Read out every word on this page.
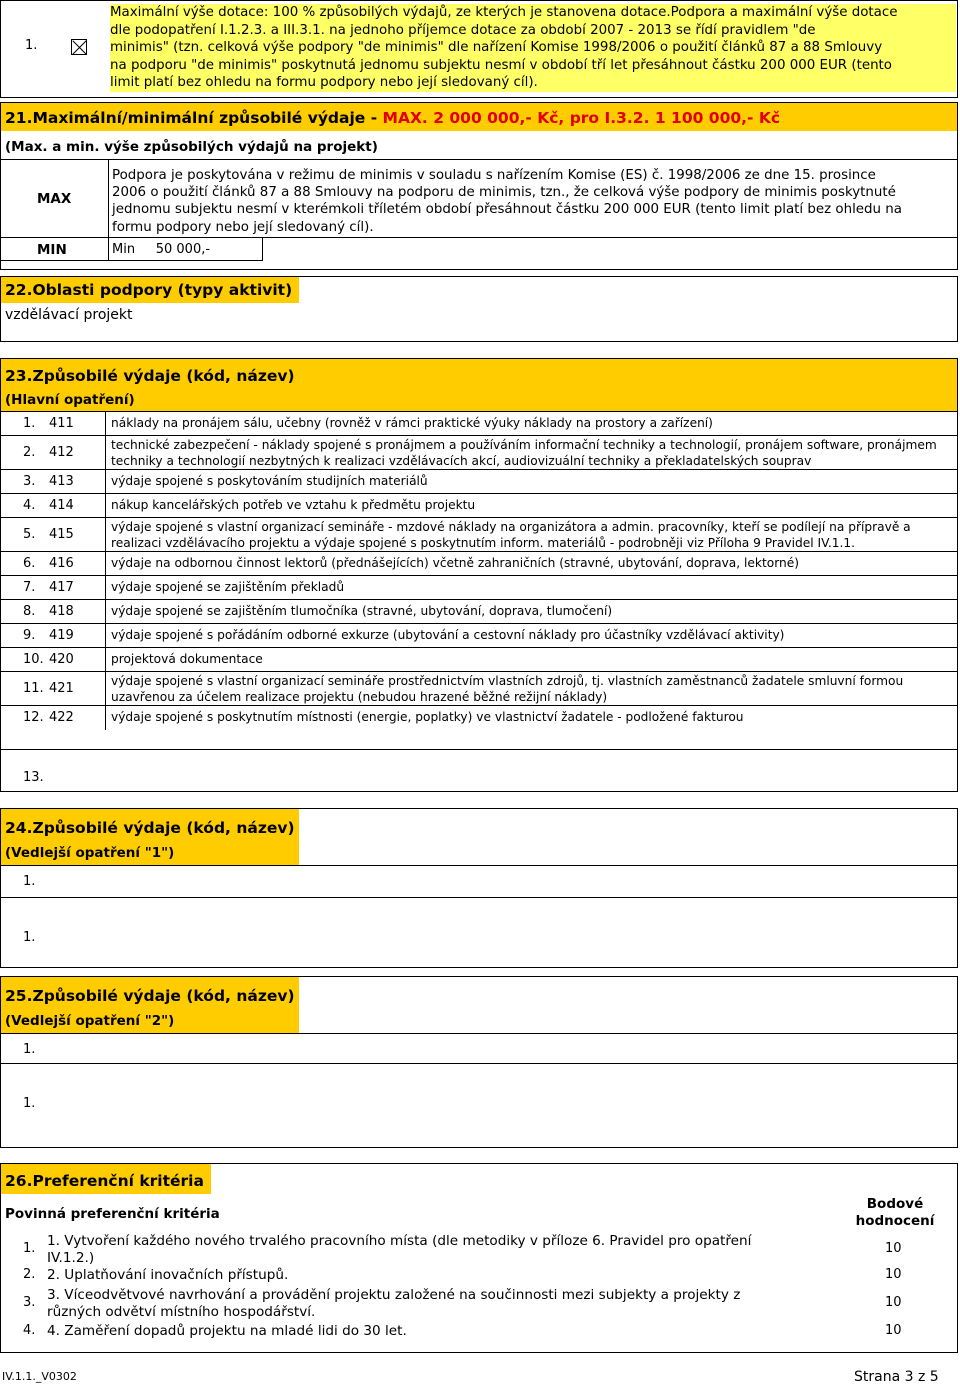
1.
Maximální výše dotace: 100 % způsobilých výdajů, ze kterých je stanovena dotace.Podpora a maximální výše dotace
dle podopatření I.1.2.3. a III.3.1. na jednoho příjemce dotace za období 2007 - 2013 se řídí pravidlem "de
minimis" (tzn. celková výše podpory "de minimis" dle nařízení Komise 1998/2006 o použití článků 87 a 88 Smlouvy
na podporu "de minimis" poskytnutá jednomu subjektu nesmí v období tří let přesáhnout částku 200 000 EUR (tento
limit platí bez ohledu na formu podpory nebo její sledovaný cíl).
21.Maximální/minimální způsobilé výdaje - MAX. 2 000 000,- Kč, pro I.3.2. 1 100 000,- Kč
(Max. a min. výše způsobilých výdajů na projekt)
MAX
Podpora je poskytována v režimu de minimis v souladu s nařízením Komise (ES) č. 1998/2006 ze dne 15. prosince
2006 o použití článků 87 a 88 Smlouvy na podporu de minimis, tzn., že celková výše podpory de minimis poskytnuté
jednomu subjektu nesmí v kterémkoli tříletém období přesáhnout částku 200 000 EUR (tento limit platí bez ohledu na
formu podpory nebo její sledovaný cíl).
MIN	Min     50 000,-
22.Oblasti podpory (typy aktivit)
vzdělávací projekt
23.Způsobilé výdaje (kód, název)
(Hlavní opatření)
1. 411	náklady na pronájem sálu, učebny (rovněž v rámci praktické výuky náklady na prostory a zařízení)
2. 412	technické zabezpečení - náklady spojené s pronájmem a používáním informační techniky a technologií, pronájem software, pronájmem
techniky a technologií nezbytných k realizaci vzdělávacích akcí, audiovizuální techniky a překladatelských souprav
3. 413	výdaje spojené s poskytováním studijních materiálů
4. 414	nákup kancelářských potřeb ve vztahu k předmětu projektu
5. 415	výdaje spojené s vlastní organizací semináře - mzdové náklady na organizátora a admin. pracovníky, kteří se podílejí na přípravě a
realizaci vzdělávacího projektu a výdaje spojené s poskytnutím inform. materiálů - podrobněji viz Příloha 9 Pravidel IV.1.1.
6. 416	výdaje na odbornou činnost lektorů (přednášejících) včetně zahraničních (stravné, ubytování, doprava, lektorné)
7. 417	výdaje spojené se zajištěním překladů
8. 418	výdaje spojené se zajištěním tlumočníka (stravné, ubytování, doprava, tlumočení)
9. 419	výdaje spojené s pořádáním odborné exkurze (ubytování a cestovní náklady pro účastníky vzdělávací aktivity)
10. 420	projektová dokumentace
11. 421	výdaje spojené s vlastní organizací semináře prostřednictvím vlastních zdrojů, tj. vlastních zaměstnanců žadatele smluvní formou
uzavřenou za účelem realizace projektu (nebudou hrazené běžné režijní náklady)
12. 422	výdaje spojené s poskytnutím místnosti (energie, poplatky) ve vlastnictví žadatele - podložené fakturou
13.
24.Způsobilé výdaje (kód, název)
(Vedlejší opatření "1")
1.
1.
25.Způsobilé výdaje (kód, název)
(Vedlejší opatření "2")
1.
1.
26.Preferenční kritéria
Povinná preferenční kritéria
Bodové
hodnocení
1. 1. Vytvoření každého nového trvalého pracovního místa (dle metodiky v příloze 6. Pravidel pro opatření
IV.1.2.)
10
2. 2. Uplatňování inovačních přístupů.	10
3. 3. Víceodvětvové navrhování a provádění projektu založené na součinnosti mezi subjekty a projekty z
různých odvětví místního hospodářství.
10
4. 4. Zaměření dopadů projektu na mladé lidi do 30 let.	10
IV.1.1._V0302	Strana 3 z 5
